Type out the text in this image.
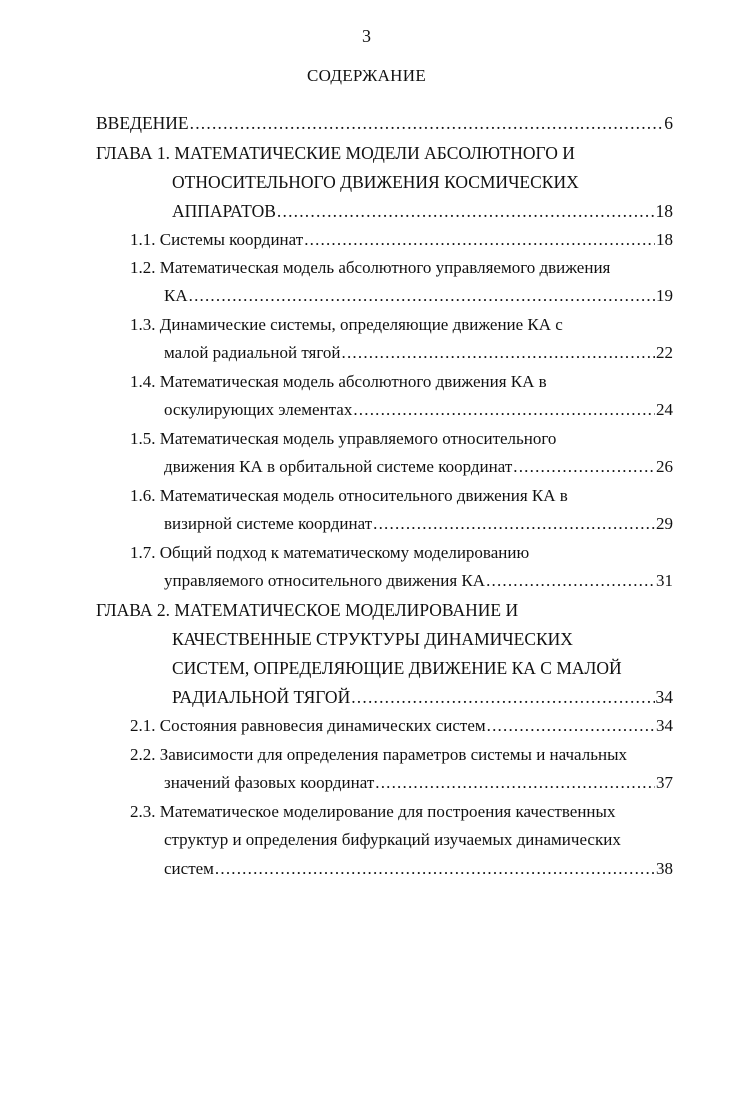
3
СОДЕРЖАНИЕ
ВВЕДЕНИЕ .....	6
ГЛАВА 1. МАТЕМАТИЧЕСКИЕ МОДЕЛИ АБСОЛЮТНОГО И
ОТНОСИТЕЛЬНОГО ДВИЖЕНИЯ КОСМИЧЕСКИХ
АППАРАТОВ .....	18
1.1. Системы координат .....	18
1.2. Математическая модель абсолютного управляемого движения
КА .....	19
1.3. Динамические системы, определяющие движение КА с
малой радиальной тягой .....	22
1.4. Математическая модель абсолютного движения КА в
оскулирующих элементах .....	24
1.5. Математическая модель управляемого относительного
движения КА в орбитальной системе координат .....	26
1.6. Математическая модель относительного движения КА в
визирной системе координат .....	29
1.7. Общий подход к математическому моделированию
управляемого относительного движения КА .....	31
ГЛАВА 2. МАТЕМАТИЧЕСКОЕ МОДЕЛИРОВАНИЕ И
КАЧЕСТВЕННЫЕ СТРУКТУРЫ ДИНАМИЧЕСКИХ
СИСТЕМ, ОПРЕДЕЛЯЮЩИЕ ДВИЖЕНИЕ КА С МАЛОЙ
РАДИАЛЬНОЙ ТЯГОЙ .....	34
2.1. Состояния равновесия динамических систем .....	34
2.2. Зависимости для определения параметров системы и начальных
значений фазовых координат .....	37
2.3. Математическое моделирование для построения качественных
структур и определения бифуркаций изучаемых динамических
систем .....	38
